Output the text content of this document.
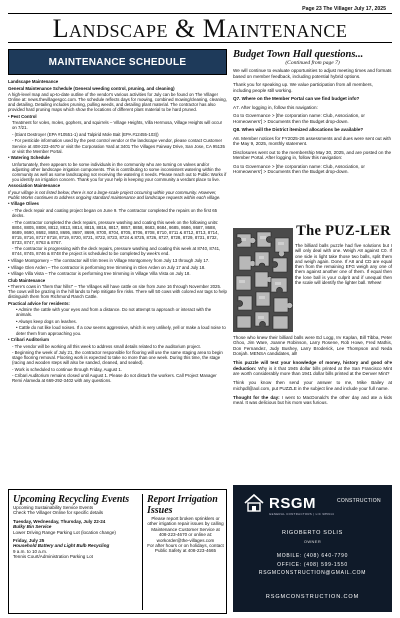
Page 23 The Villager July 17, 2025
Landscape & Maintenance
MAINTENANCE SCHEDULE

Landscape Maintenance

General Maintenance Schedule (General weeding control, pruning, and cleaning)

A high-level map and up-to-date outline of the vendor's various activities for July can be found on The Villager Online at: news.thevillagesgcc.com. The schedule reflects days for mowing, combined mowing/cleaning, cleaning, and detailing. Detailing includes pruning, pulling weeds, and detailing plant material. The contractor has also provided hard pruning maps which show the locations of different plant material to be hard pruned.

• Pest Control

Treatment for voles, moles, gophers, and squirrels – Village Heights, Villa Hermosa, Village Heights will occur on 7/21.

- (Eiant Destroyer (EPA #10551-1) and Talpirid Mole Bait (EPA #12455-103))

- For pesticide information used by the pest control vendor or the landscape vendor, please contact Customer Service at 408-223-4670 or visit the Corporation Yard at 3401 The Villages Fairway Drive, San Jose, CA 95135 or visit the Member Portal.

• Watering Schedule

Unfortunately, there appears to be some individuals in the community who are turning on valves and/or adjusting other landscape irrigation components. This is contributing to some inconsistent watering within the community as well as some landscaping not receiving the watering it needs. Please reach out to Public Works if you identify an irrigation concern. Thank you for your help in keeping your community a verdant place to live.

Association Maintenance

If your village is not listed below, there is not a large-scale project occurring within your community. However, Public Works continues to address ongoing standard maintenance and landscape requests within each village.

• Village Olives

- The deck repair and coating project began on June 9. The contractor completed the repairs on the first 65 decks.

- The contractor completed the deck repairs, pressure washing and coating this week on the following units: 8804, 8805, 8808, 8812, 8813, 8814, 8815, 8816, 8817, 8857, 8858, 8683, 8684, 8685, 8686, 8687, 8688, 8689, 8690, 8692, 8693, 8695, 8697, 8699, 8700, 8704, 8705, 8706, 8708, 8710, 8711 & 8712, 8713, 8714, 8715, 8716, 8717 8718, 8719, 8720, 8721, 8722, 8723, 8724 & 8725, 8726, 8727, 8728, 8729, 8731, 8732, 8733, 8747, 8763 & 8767.

- The contractor is progressing with the deck repairs, pressure washing and coating this week at 8740, 8741, 8744, 8745, 8746 & 8748 the project is scheduled to be completed by week's end.

• Village Montgomery – The contractor will trim trees in Village Montgomery from July 13 through July 17.

• Village Glen Arden – The contractor is performing tree trimming in Glen Arden on July 17 and July 18.

• Village Villa Vista – The contractor is performing tree trimming in Village Villa Vista on July 18.

Club Maintenance

• There's cows in "them thar hills!" – The Villages will have cattle on site from June 16 through November 2025. The cows will be grazing in the hill lands to help mitigate fire risks. There will 50 cows with colored ear tags to help distinguish them from Richmond Ranch Cattle.

Practical advice for residents:

• Admire the cattle with your eyes and from a distance. Do not attempt to approach or interact with the animals.

• Always keep dogs on leashes.

• Cattle do not like loud noises. If a cow seems aggressive, which is very unlikely, yell or make a loud noise to deter them from approaching you.

• Cribari Auditorium

- The vendor will be working all this week to address small details related to the auditorium project.

- Beginning the week of July 21, the contractor responsible for flooring will use the same staging area to begin stage flooring removal. Flooring work is expected to take no more than one week. During this time, the stage (racing and wooden steps will also be sanded, cleaned, and sealed).

- Work is scheduled to continue through Friday, August 1.

- Cribari Auditorium remains closed until August 1. Please do not disturb the workers. Call Project Manager Remi Alameda at 669-292-3402 with any questions.

Budget Town Hall questions...
(Continued from page 7)

We will continue to evaluate opportunities to adjust meeting times and formats based on member feedback, including potential hybrid options.

Thank you for speaking up. We value participation from all members, including people still working.

Q7. Where on the Member Portal can we find budget info?

A7. After logging in, follow this navigation:

Go to Governance > [the corporation name: Club, Association, or Homeowners'] > Documents then the Budget drop-down.

Q8. When will the District itemized allocations be available?

A8. Member notices for FY2025-26 assessments and dues were sent out with the May 9, 2025, monthly statement.

Disclosures went out to the membership May 30, 2025, and are posted on the Member Portal. After logging in, follow this navigation:

Go to Governance > [the corporation name: Club, Association, or Homeowners'] > Documents then the Budget drop-down.

The PUZ-LER
The billiard balls puzzle had five solutions but I will only deal with one. Weigh A8 against C0. If one side is light take those two balls, split them and weigh again. Done. If A8 and CD are equal then from the remaining EFG weigh any one of them against another one of them. If equal then the lone ball is your culprit and if unequal then the scale will identify the lighter ball. Whew!

Those who knew their billiard balls were Ed Logg, Irv Kaplan, Bill Tibba, Peter Ghoo, Jim Ware, Joanne Robinson, Larry Rosene, Rob Howe, Fred Mathis, Don Fernandez, Judy Bushey, Larry Broderick, Lee Thompson and Neda Donjah. MENSA candidates, all!

This puzzle will test your knowledge of money, history and good ol'e deduction: Why is it that 1945 dollar bills printed at the San Francisco Mint are worth considerably more than 1941 dollar bills printed at the Denver Mint?

Think you know then send your answer to me, Mike Bailey at michpdl@aol.com, put PUZZLE in the subject line and include your full name.

Thought for the day: I went to MacDonald's the other day and ate a kids meal. It was delicious but his mom was furious.

Upcoming Recycling Events
Upcoming Sustainability Service Events

Check The Villager Online for specific details

Tuesday, Wednesday, Thursday, July 22-24
Bulky Bin Service

Lower Driving Range Parking Lot (location change)

Friday, July 25
Household Battery and Light Bulb Recycling
9 a.m. to 10 a.m.
Tennis Court/Administration Parking Lot
Report Irrigation Issues

Please report broken sprinklers or other irrigation repair issues by calling Maintenance Customer Service at 408-223-4670 or online at: workorder@the-villages.com

For after hours or on holidays, contact Public Safety at 408-223-4665

RSGM	CONSTRUCTION
GENERAL CONTRACTORS | LIC 985914
RIGOBERTO SOLIS
OWNER
MOBILE: (408) 640-7790
OFFICE: (408) 599-1550
RSGMCONSTRUCTION@GMAIL.COM
RSGMCONSTRUCTION.COM
